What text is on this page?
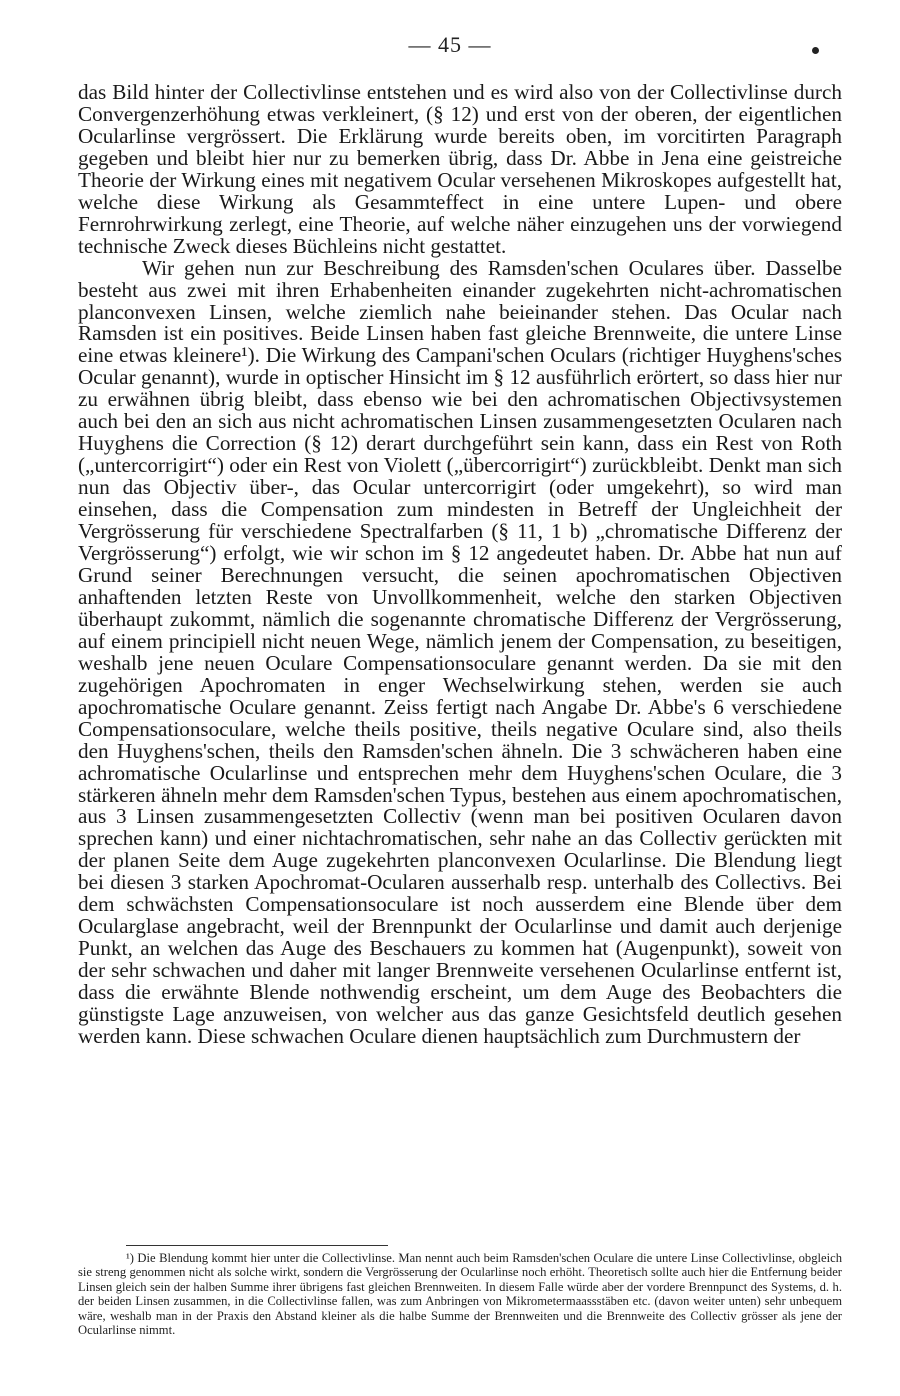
— 45 —

das Bild hinter der Collectivlinse entstehen und es wird also von der Collectivlinse durch Convergenzerhöhung etwas verkleinert, (§ 12) und erst von der oberen, der eigentlichen Ocularlinse vergrössert. Die Erklärung wurde bereits oben, im vorcitirten Paragraph gegeben und bleibt hier nur zu bemerken übrig, dass Dr. Abbe in Jena eine geistreiche Theorie der Wirkung eines mit negativem Ocular versehenen Mikroskopes aufgestellt hat, welche diese Wirkung als Gesammteffect in eine untere Lupen- und obere Fernrohrwirkung zerlegt, eine Theorie, auf welche näher einzugehen uns der vorwiegend technische Zweck dieses Büchleins nicht gestattet.

Wir gehen nun zur Beschreibung des Ramsden'schen Oculares über. Dasselbe besteht aus zwei mit ihren Erhabenheiten einander zugekehrten nicht-achromatischen planconvexen Linsen, welche ziemlich nahe beieinander stehen. Das Ocular nach Ramsden ist ein positives. Beide Linsen haben fast gleiche Brennweite, die untere Linse eine etwas kleinere¹). Die Wirkung des Campani'schen Oculars (richtiger Huyghens'sches Ocular genannt), wurde in optischer Hinsicht im § 12 ausführlich erörtert, so dass hier nur zu erwähnen übrig bleibt, dass ebenso wie bei den achromatischen Objectivsystemen auch bei den an sich aus nicht achromatischen Linsen zusammengesetzten Ocularen nach Huyghens die Correction (§ 12) derart durchgeführt sein kann, dass ein Rest von Roth („untercorrigirt“) oder ein Rest von Violett („übercorrigirt“) zurückbleibt. Denkt man sich nun das Objectiv über-, das Ocular untercorrigirt (oder umgekehrt), so wird man einsehen, dass die Compensation zum mindesten in Betreff der Ungleichheit der Vergrösserung für verschiedene Spectralfarben (§ 11, 1 b) „chromatische Differenz der Vergrösserung“) erfolgt, wie wir schon im § 12 angedeutet haben. Dr. Abbe hat nun auf Grund seiner Berechnungen versucht, die seinen apochromatischen Objectiven anhaftenden letzten Reste von Unvollkommenheit, welche den starken Objectiven überhaupt zukommt, nämlich die sogenannte chromatische Differenz der Vergrösserung, auf einem principiell nicht neuen Wege, nämlich jenem der Compensation, zu beseitigen, weshalb jene neuen Oculare Compensationsoculare genannt werden. Da sie mit den zugehörigen Apochromaten in enger Wechselwirkung stehen, werden sie auch apochromatische Oculare genannt. Zeiss fertigt nach Angabe Dr. Abbe's 6 verschiedene Compensationsoculare, welche theils positive, theils negative Oculare sind, also theils den Huyghens'schen, theils den Ramsden'schen ähneln. Die 3 schwächeren haben eine achromatische Ocularlinse und entsprechen mehr dem Huyghens'schen Oculare, die 3 stärkeren ähneln mehr dem Ramsden'schen Typus, bestehen aus einem apochromatischen, aus 3 Linsen zusammengesetzten Collectiv (wenn man bei positiven Ocularen davon sprechen kann) und einer nichtachromatischen, sehr nahe an das Collectiv gerückten mit der planen Seite dem Auge zugekehrten planconvexen Ocularlinse. Die Blendung liegt bei diesen 3 starken Apochromat-Ocularen ausserhalb resp. unterhalb des Collectivs. Bei dem schwächsten Compensationsoculare ist noch ausserdem eine Blende über dem Ocularglase angebracht, weil der Brennpunkt der Ocularlinse und damit auch derjenige Punkt, an welchen das Auge des Beschauers zu kommen hat (Augenpunkt), soweit von der sehr schwachen und daher mit langer Brennweite versehenen Ocularlinse entfernt ist, dass die erwähnte Blende nothwendig erscheint, um dem Auge des Beobachters die günstigste Lage anzuweisen, von welcher aus das ganze Gesichtsfeld deutlich gesehen werden kann. Diese schwachen Oculare dienen hauptsächlich zum Durchmustern der

¹) Die Blendung kommt hier unter die Collectivlinse. Man nennt auch beim Ramsden'schen Oculare die untere Linse Collectivlinse, obgleich sie streng genommen nicht als solche wirkt, sondern die Vergrösserung der Ocularlinse noch erhöht. Theoretisch sollte auch hier die Entfernung beider Linsen gleich sein der halben Summe ihrer übrigens fast gleichen Brennweiten. In diesem Falle würde aber der vordere Brennpunct des Systems, d. h. der beiden Linsen zusammen, in die Collectivlinse fallen, was zum Anbringen von Mikrometermaassstäben etc. (davon weiter unten) sehr unbequem wäre, weshalb man in der Praxis den Abstand kleiner als die halbe Summe der Brennweiten und die Brennweite des Collectiv grösser als jene der Ocularlinse nimmt.
